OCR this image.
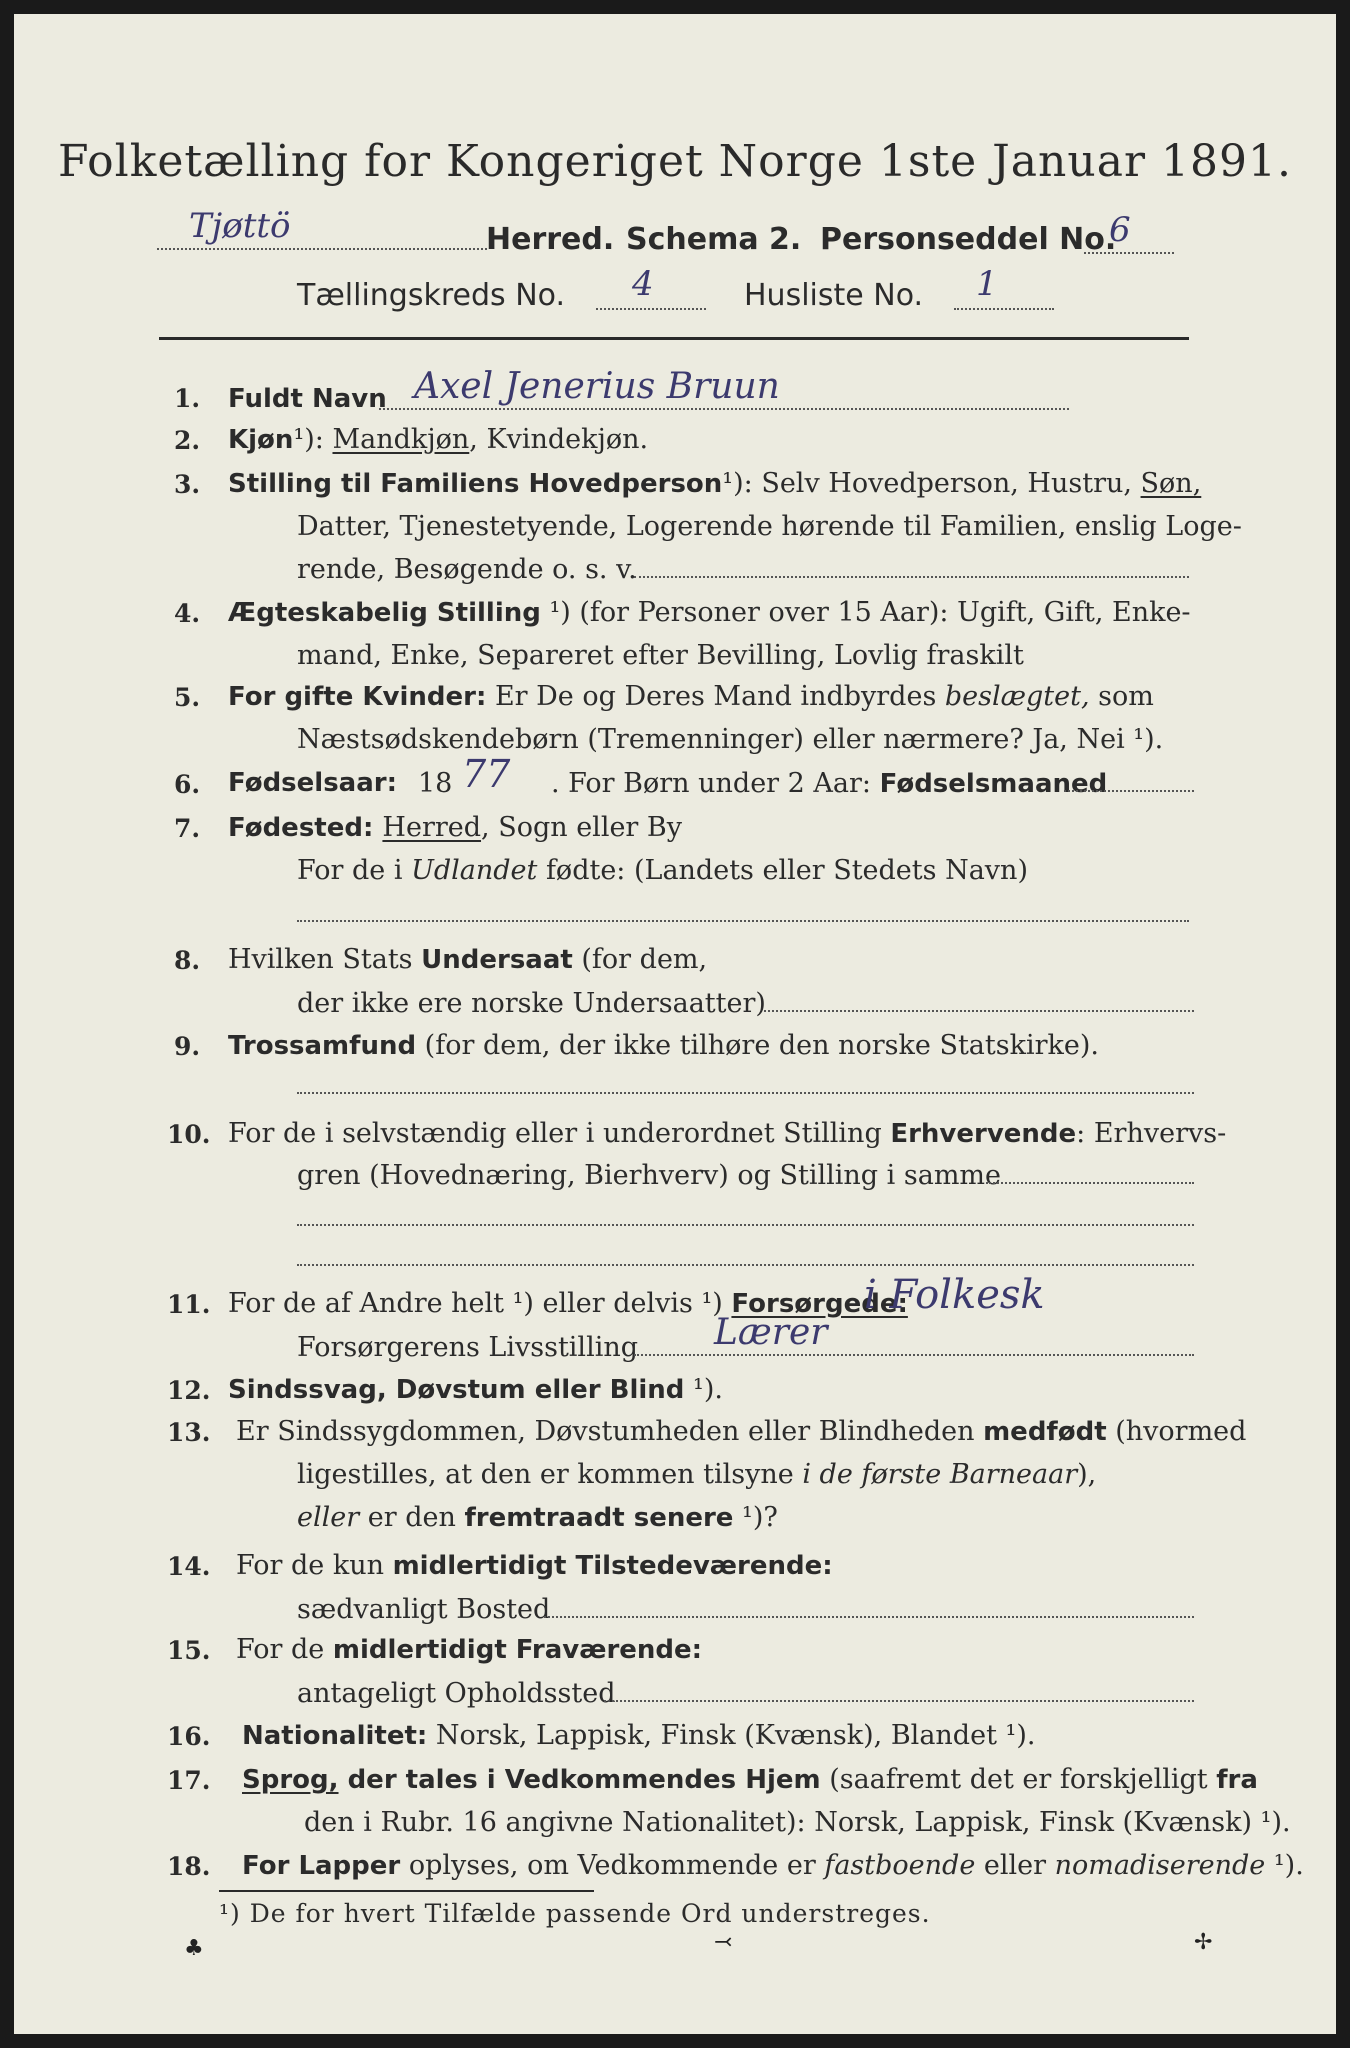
Folketælling for Kongeriget Norge 1ste Januar 1891.
Tjøttö	Herred. Schema 2. Personseddel No.
6
Tællingskreds No. 4	Husliste No. 1
1. Fuldt Navn Axel Jenerius Bruun
2. Kjøn¹): Mandkjøn, Kvindekjøn.
3. Stilling til Familiens Hovedperson¹): Selv Hovedperson, Hustru, Søn,
Datter, Tjenestetyende, Logerende hørende til Familien, enslig Loge-
rende, Besøgende o. s. v.
4. Ægteskabelig Stilling ¹) (for Personer over 15 Aar): Ugift, Gift, Enke-
mand, Enke, Separeret efter Bevilling, Lovlig fraskilt
5. For gifte Kvinder: Er De og Deres Mand indbyrdes beslægtet, som
Næstsødskendebørn (Tremenninger) eller nærmere? Ja, Nei ¹).
6. Fødselsaar: 18 77 . For Børn under 2 Aar: Fødselsmaaned
7. Fødested: Herred, Sogn eller By
For de i Udlandet fødte: (Landets eller Stedets Navn)
8. Hvilken Stats Undersaat (for dem,
der ikke ere norske Undersaatter)
9. Trossamfund (for dem, der ikke tilhøre den norske Statskirke).
10. For de i selvstændig eller i underordnet Stilling Erhvervende: Erhvervs-
gren (Hovednæring, Bierhverv) og Stilling i samme
11. For de af Andre helt ¹) eller delvis ¹) Forsørgede:
i Folkesk
Forsørgerens Livsstilling Lærer
12. Sindssvag, Døvstum eller Blind ¹).
13. Er Sindssygdommen, Døvstumheden eller Blindheden medfødt (hvormed
ligestilles, at den er kommen tilsyne i de første Barneaar),
eller er den fremtraadt senere ¹)?
14. For de kun midlertidigt Tilstedeværende:
sædvanligt Bosted
15. For de midlertidigt Fraværende:
antageligt Opholdssted
16. Nationalitet: Norsk, Lappisk, Finsk (Kvænsk), Blandet ¹).
17. Sprog, der tales i Vedkommendes Hjem (saafremt det er forskjelligt fra
den i Rubr. 16 angivne Nationalitet): Norsk, Lappisk, Finsk (Kvænsk) ¹).
18. For Lapper oplyses, om Vedkommende er fastboende eller nomadiserende ¹).
¹) De for hvert Tilfælde passende Ord understreges.
♣	⤙	✢
